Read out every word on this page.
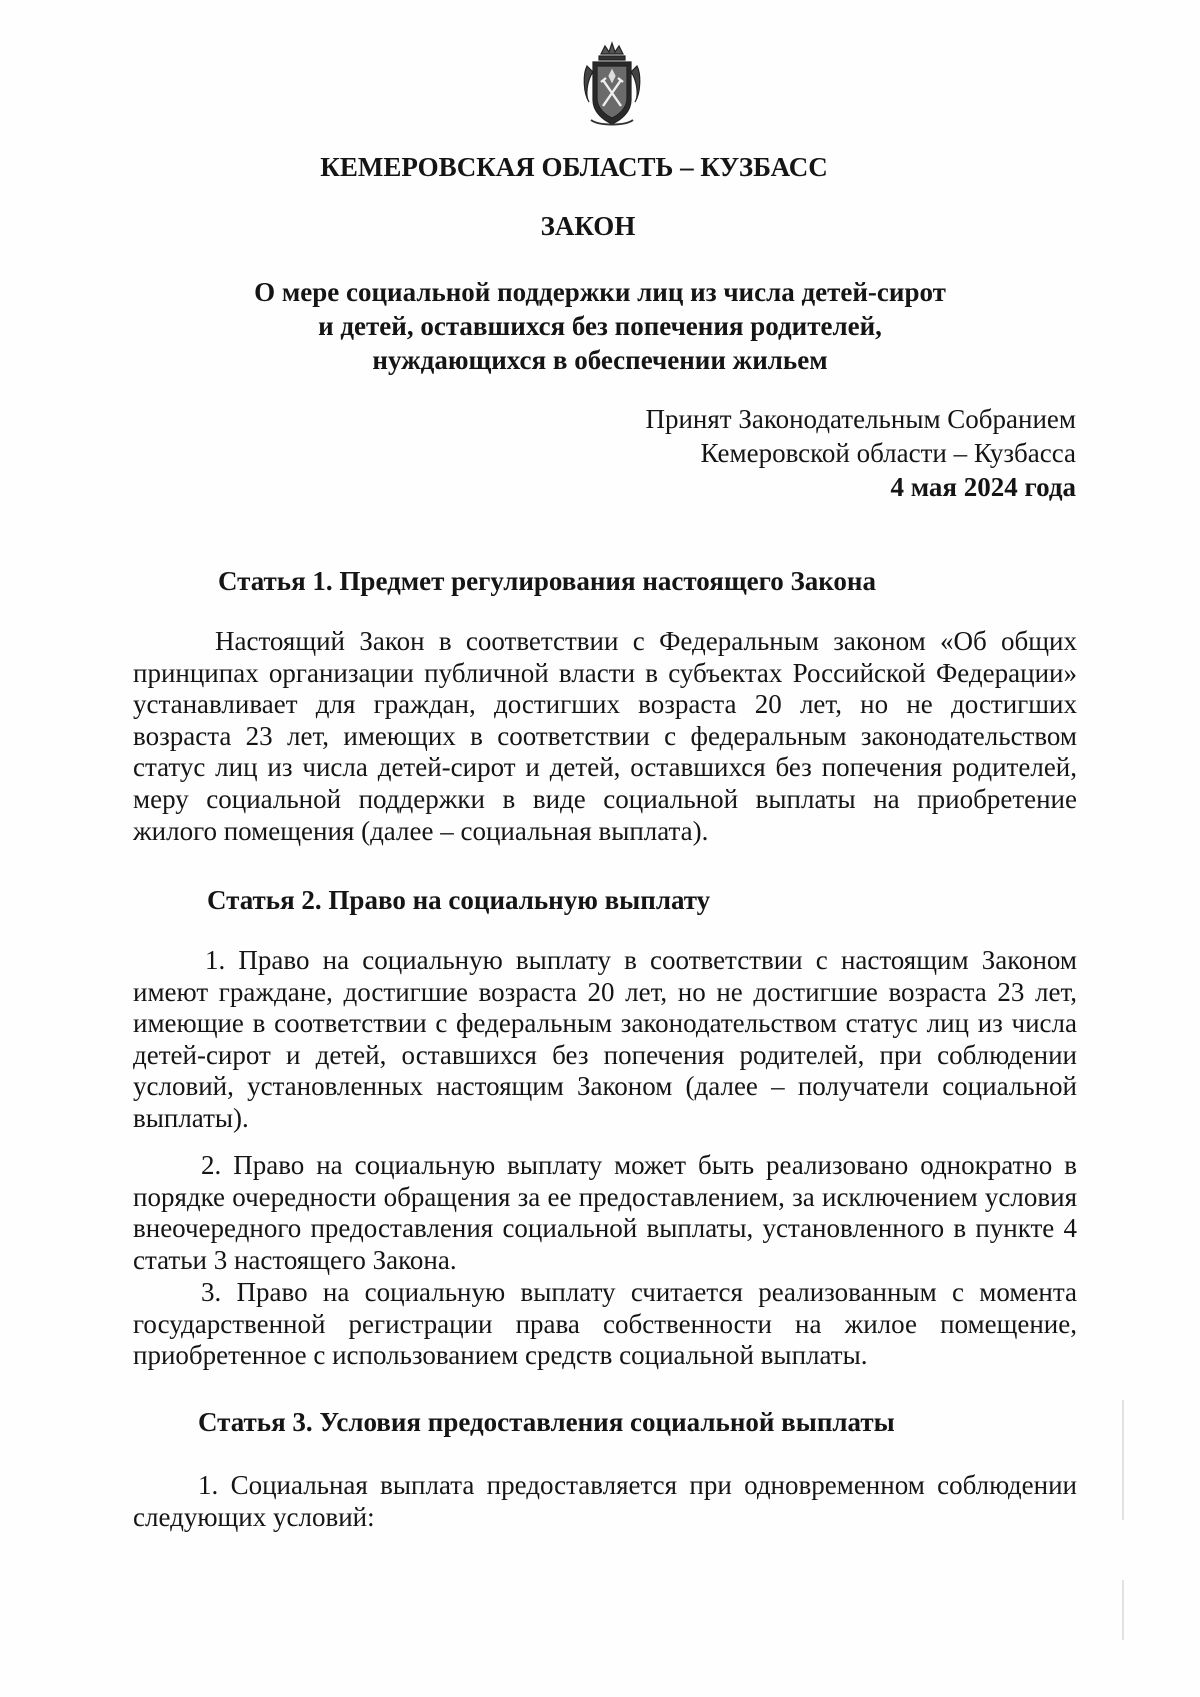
КЕМЕРОВСКАЯ ОБЛАСТЬ – КУЗБАСС
ЗАКОН
О мере социальной поддержки лиц из числа детей-сирот
и детей, оставшихся без попечения родителей,
нуждающихся в обеспечении жильем
Принят Законодательным Собранием
Кемеровской области – Кузбасса
4 мая 2024 года
Статья 1. Предмет регулирования настоящего Закона

Настоящий Закон в соответствии с Федеральным законом «Об общих принципах организации публичной власти в субъектах Российской Федерации» устанавливает для граждан, достигших возраста 20 лет, но не достигших возраста 23 лет, имеющих в соответствии с федеральным законодательством статус лиц из числа детей-сирот и детей, оставшихся без попечения родителей, меру социальной поддержки в виде социальной выплаты на приобретение жилого помещения (далее – социальная выплата).

Статья 2. Право на социальную выплату

1. Право на социальную выплату в соответствии с настоящим Законом имеют граждане, достигшие возраста 20 лет, но не достигшие возраста 23 лет, имеющие в соответствии с федеральным законодательством статус лиц из числа детей-сирот и детей, оставшихся без попечения родителей, при соблюдении условий, установленных настоящим Законом (далее – получатели социальной выплаты).

2. Право на социальную выплату может быть реализовано однократно в порядке очередности обращения за ее предоставлением, за исключением условия внеочередного предоставления социальной выплаты, установленного в пункте 4 статьи 3 настоящего Закона.

3. Право на социальную выплату считается реализованным с момента государственной регистрации права собственности на жилое помещение, приобретенное с использованием средств социальной выплаты.

Статья 3. Условия предоставления социальной выплаты

1. Социальная выплата предоставляется при одновременном соблюдении следующих условий:
